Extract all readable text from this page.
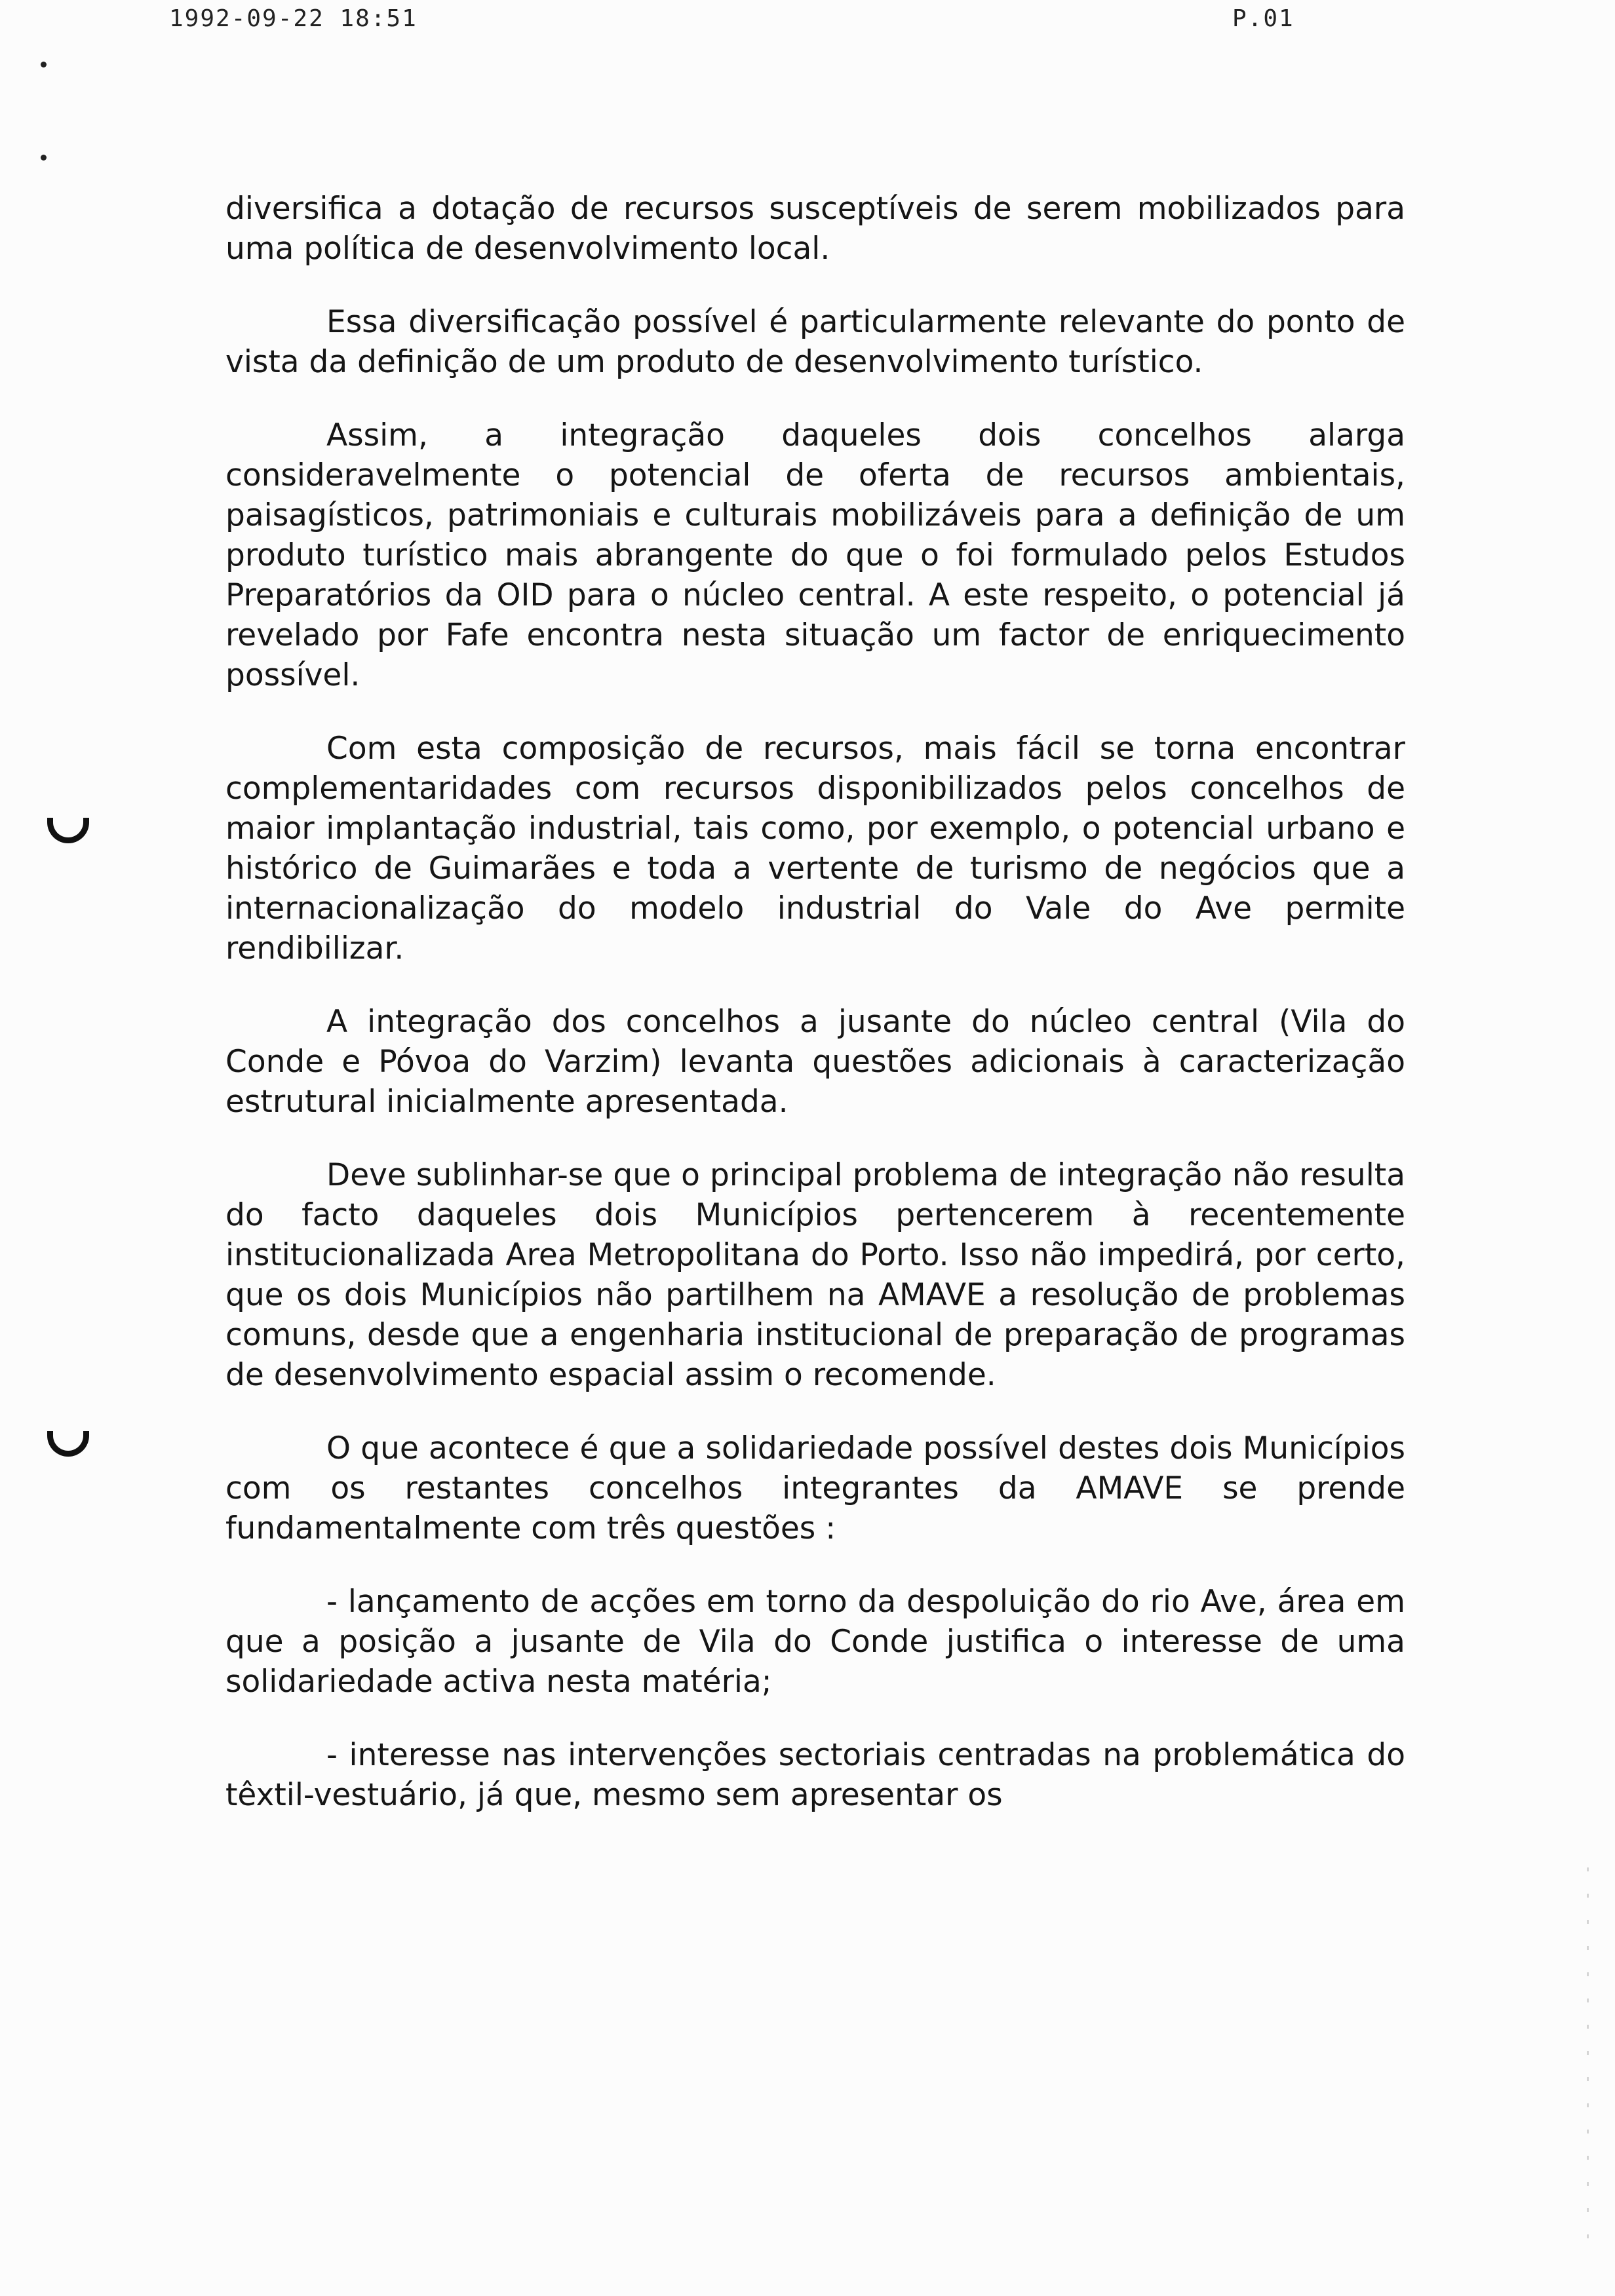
1992-09-22 18:51	P.01

diversifica a dotação de recursos susceptíveis de serem mobilizados para uma política de desenvolvimento local.

Essa diversificação possível é particularmente relevante do ponto de vista da definição de um produto de desenvolvimento turístico.

Assim, a integração daqueles dois concelhos alarga consideravelmente o potencial de oferta de recursos ambientais, paisagísticos, patrimoniais e culturais mobilizáveis para a definição de um produto turístico mais abrangente do que o foi formulado pelos Estudos Preparatórios da OID para o núcleo central. A este respeito, o potencial já revelado por Fafe encontra nesta situação um factor de enriquecimento possível.

Com esta composição de recursos, mais fácil se torna encontrar complementaridades com recursos disponibilizados pelos concelhos de maior implantação industrial, tais como, por exemplo, o potencial urbano e histórico de Guimarães e toda a vertente de turismo de negócios que a internacionalização do modelo industrial do Vale do Ave permite rendibilizar.

A integração dos concelhos a jusante do núcleo central (Vila do Conde e Póvoa do Varzim) levanta questões adicionais à caracterização estrutural inicialmente apresentada.

Deve sublinhar-se que o principal problema de integração não resulta do facto daqueles dois Municípios pertencerem à recentemente institucionalizada Area Metropolitana do Porto. Isso não impedirá, por certo, que os dois Municípios não partilhem na AMAVE a resolução de problemas comuns, desde que a engenharia institucional de preparação de programas de desenvolvimento espacial assim o recomende.

O que acontece é que a solidariedade possível destes dois Municípios com os restantes concelhos integrantes da AMAVE se prende fundamentalmente com três questões :

- lançamento de acções em torno da despoluição do rio Ave, área em que a posição a jusante de Vila do Conde justifica o interesse de uma solidariedade activa nesta matéria;

- interesse nas intervenções sectoriais centradas na problemática do têxtil-vestuário, já que, mesmo sem apresentar os
